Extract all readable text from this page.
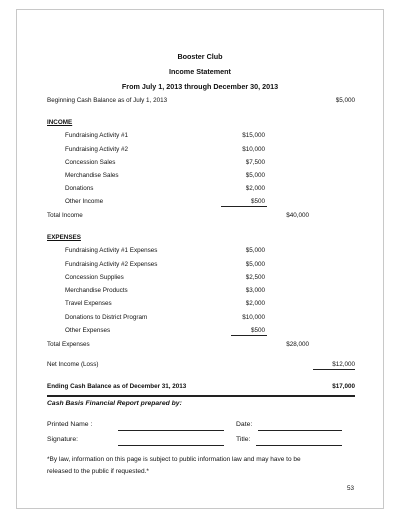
Booster Club
Income Statement
From July 1, 2013 through December 30, 2013
Beginning Cash Balance as of July 1, 2013	$5,000
INCOME
Fundraising Activity #1	$15,000
Fundraising Activity #2	$10,000
Concession Sales	$7,500
Merchandise Sales	$5,000
Donations	$2,000
Other Income	$500
Total Income	$40,000
EXPENSES
Fundraising Activity #1 Expenses	$5,000
Fundraising Activity #2 Expenses	$5,000
Concession Supplies	$2,500
Merchandise Products	$3,000
Travel Expenses	$2,000
Donations to District Program	$10,000
Other Expenses	$500
Total Expenses	$28,000
Net Income (Loss)	$12,000
Ending Cash Balance as of December 31, 2013	$17,000
Cash Basis Financial Report prepared by:
Printed Name :	Date:
Signature:	Title:
*By law, information on this page is subject to public information law and may have to be
released to the public if requested.*
53
